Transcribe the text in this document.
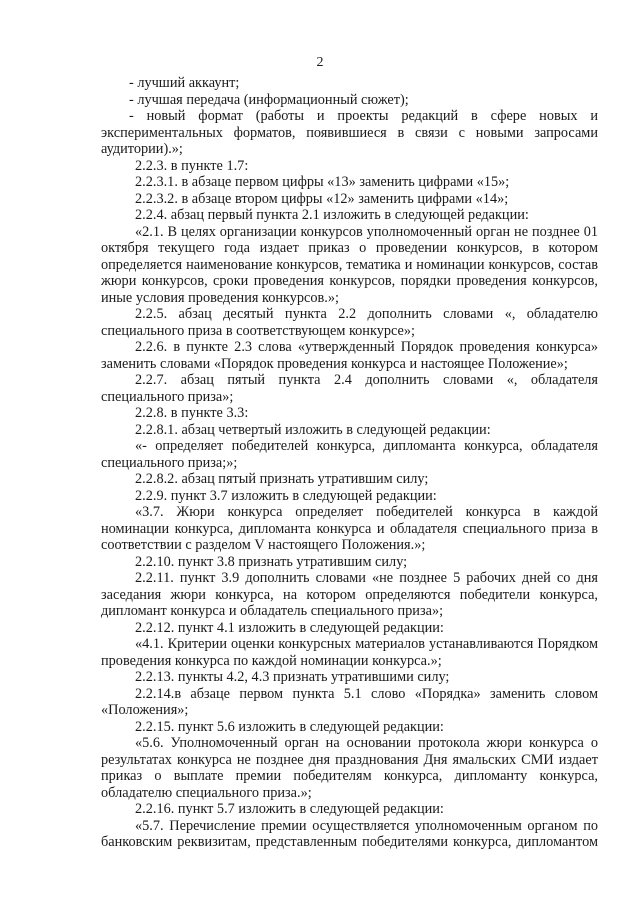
2

- лучший аккаунт;

- лучшая передача (информационный сюжет);

- новый формат (работы и проекты редакций в сфере новых и экспериментальных форматов, появившиеся в связи с новыми запросами аудитории).»;

2.2.3. в пункте 1.7:

2.2.3.1. в абзаце первом цифры «13» заменить цифрами «15»;

2.2.3.2. в абзаце втором цифры «12» заменить цифрами «14»;

2.2.4. абзац первый пункта 2.1 изложить в следующей редакции:

«2.1. В целях организации конкурсов уполномоченный орган не позднее 01 октября текущего года издает приказ о проведении конкурсов, в котором определяется наименование конкурсов, тематика и номинации конкурсов, состав жюри конкурсов, сроки проведения конкурсов, порядки проведения конкурсов, иные условия проведения конкурсов.»;

2.2.5. абзац десятый пункта 2.2 дополнить словами «, обладателю специального приза в соответствующем конкурсе»;

2.2.6. в пункте 2.3 слова «утвержденный Порядок проведения конкурса» заменить словами «Порядок проведения конкурса и настоящее Положение»;

2.2.7. абзац пятый пункта 2.4 дополнить словами «, обладателя специального приза»;

2.2.8. в пункте 3.3:

2.2.8.1. абзац четвертый изложить в следующей редакции:

«- определяет победителей конкурса, дипломанта конкурса, обладателя специального приза;»;

2.2.8.2. абзац пятый признать утратившим силу;

2.2.9. пункт 3.7 изложить в следующей редакции:

«3.7. Жюри конкурса определяет победителей конкурса в каждой номинации конкурса, дипломанта конкурса и обладателя специального приза в соответствии с разделом V настоящего Положения.»;

2.2.10. пункт 3.8 признать утратившим силу;

2.2.11. пункт 3.9 дополнить словами «не позднее 5 рабочих дней со дня заседания жюри конкурса, на котором определяются победители конкурса, дипломант конкурса и обладатель специального приза»;

2.2.12. пункт 4.1 изложить в следующей редакции:

«4.1. Критерии оценки конкурсных материалов устанавливаются Порядком проведения конкурса по каждой номинации конкурса.»;

2.2.13. пункты 4.2, 4.3 признать утратившими силу;

2.2.14.в абзаце первом пункта 5.1 слово «Порядка» заменить словом «Положения»;

2.2.15. пункт 5.6 изложить в следующей редакции:

«5.6. Уполномоченный орган на основании протокола жюри конкурса о результатах конкурса не позднее дня празднования Дня ямальских СМИ издает приказ о выплате премии победителям конкурса, дипломанту конкурса, обладателю специального приза.»;

2.2.16. пункт 5.7 изложить в следующей редакции:

«5.7. Перечисление премии осуществляется уполномоченным органом по банковским реквизитам, представленным победителями конкурса, дипломантом
